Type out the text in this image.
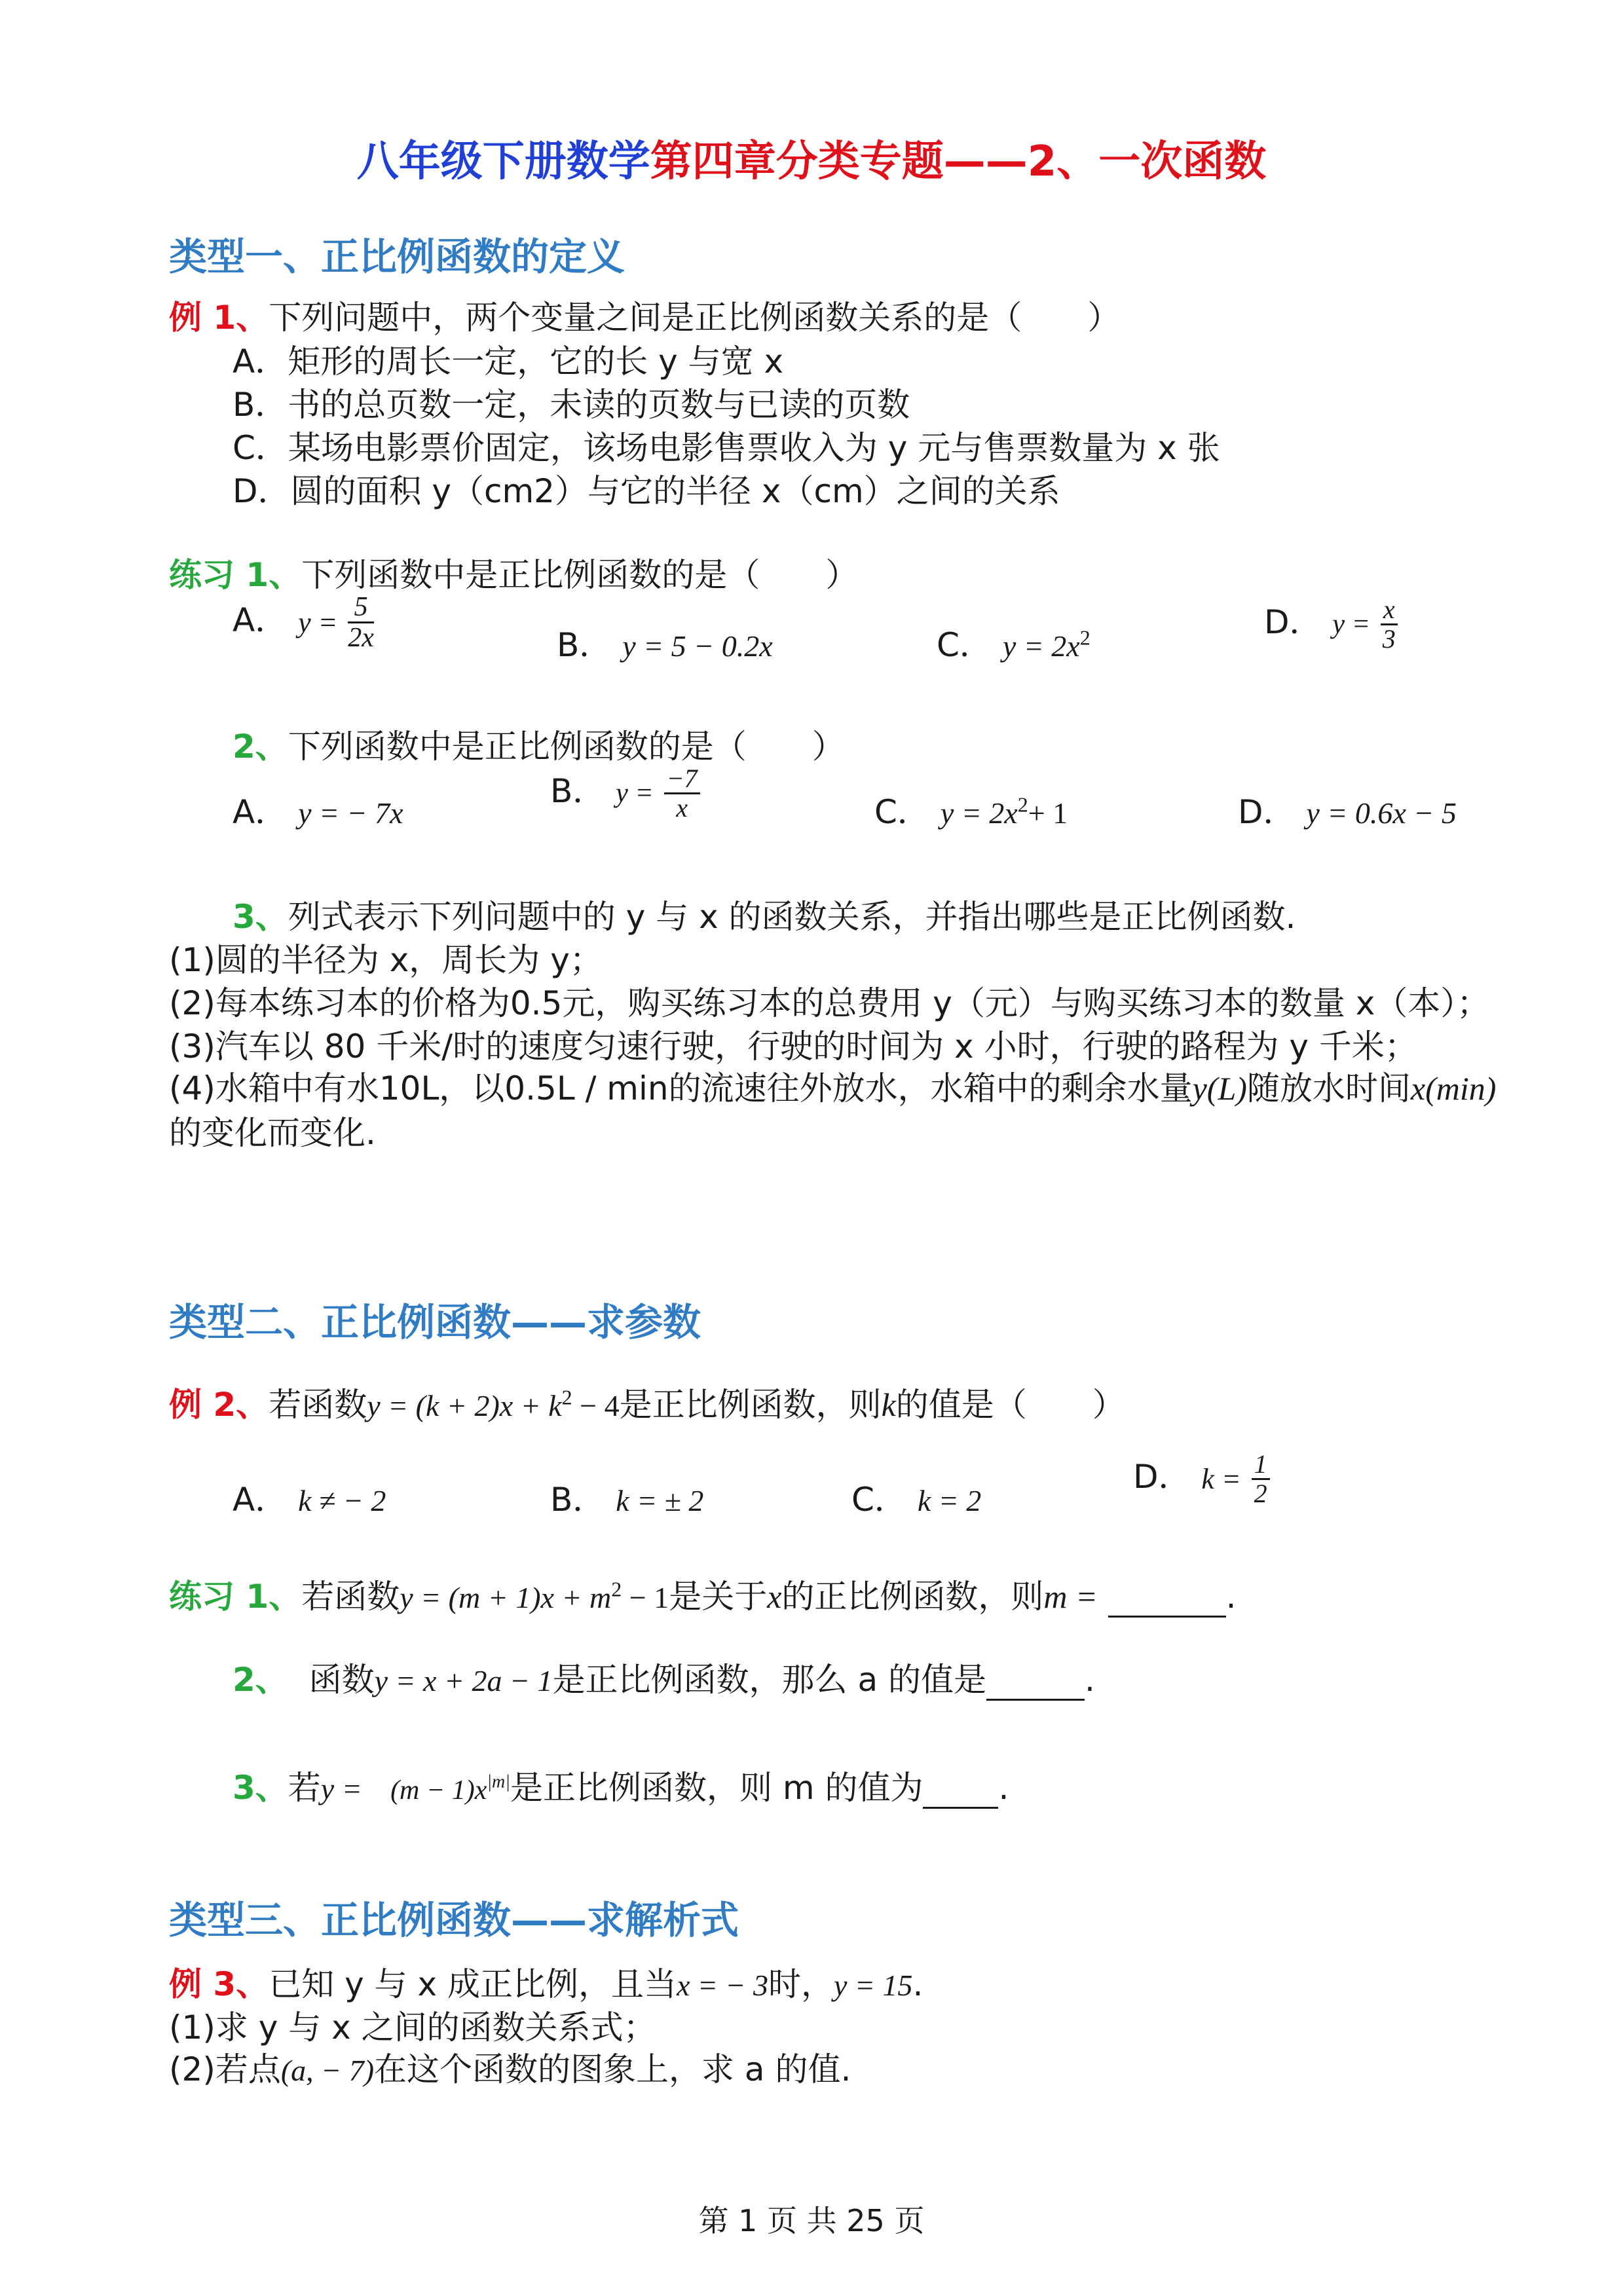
八年级下册数学第四章分类专题——2、一次函数
类型一、正比例函数的定义
例 1、下列问题中，两个变量之间是正比例函数关系的是（　　）
A．矩形的周长一定，它的长 y 与宽 x
B．书的总页数一定，未读的页数与已读的页数
C．某场电影票价固定，该场电影售票收入为 y 元与售票数量为 x 张
D．圆的面积 y（cm2）与它的半径 x（cm）之间的关系
练习 1、下列函数中是正比例函数的是（　　）
A． $y = \frac{5}{2x}$	B． y = 5 − 0.2x	C． $y = 2x^2$	D． $y = \frac{x}{3}$
2、下列函数中是正比例函数的是（　　）
A． y = − 7x
B． $y = \frac{-7}{x}$	C． $y = 2x^2+ 1$	D． y = 0.6x − 5
3、列式表示下列问题中的 y 与 x 的函数关系，并指出哪些是正比例函数.
(1)圆的半径为 x，周长为 y；
(2)每本练习本的价格为0.5元，购买练习本的总费用 y（元）与购买练习本的数量 x（本）；
(3)汽车以 80 千米/时的速度匀速行驶，行驶的时间为 x 小时，行驶的路程为 y 千米；
(4)水箱中有水10L，以0.5L / min的流速往外放水，水箱中的剩余水量y(L)随放水时间x(min)
的变化而变化.
类型二、正比例函数——求参数
例 2、若函数$y = (k + 2)x + k^2 - 4$是正比例函数，则k的值是（　　）
A． k ≠ − 2	B． k = ± 2	C． k = 2
D． $k = \frac{1}{2}$
练习 1、若函数$y = (m + 1)x + m^2 - 1$是关于x的正比例函数，则m =	.
2、 函数y = x + 2a − 1是正比例函数，那么 a 的值是	.
3、若$y = (m - 1)x^{|m|}$是正比例函数，则 m 的值为 .
类型三、正比例函数——求解析式
例 3、已知 y 与 x 成正比例，且当x = − 3时，y = 15.
(1)求 y 与 x 之间的函数关系式；
(2)若点(a, − 7)在这个函数的图象上，求 a 的值.
第 1 页 共 25 页
